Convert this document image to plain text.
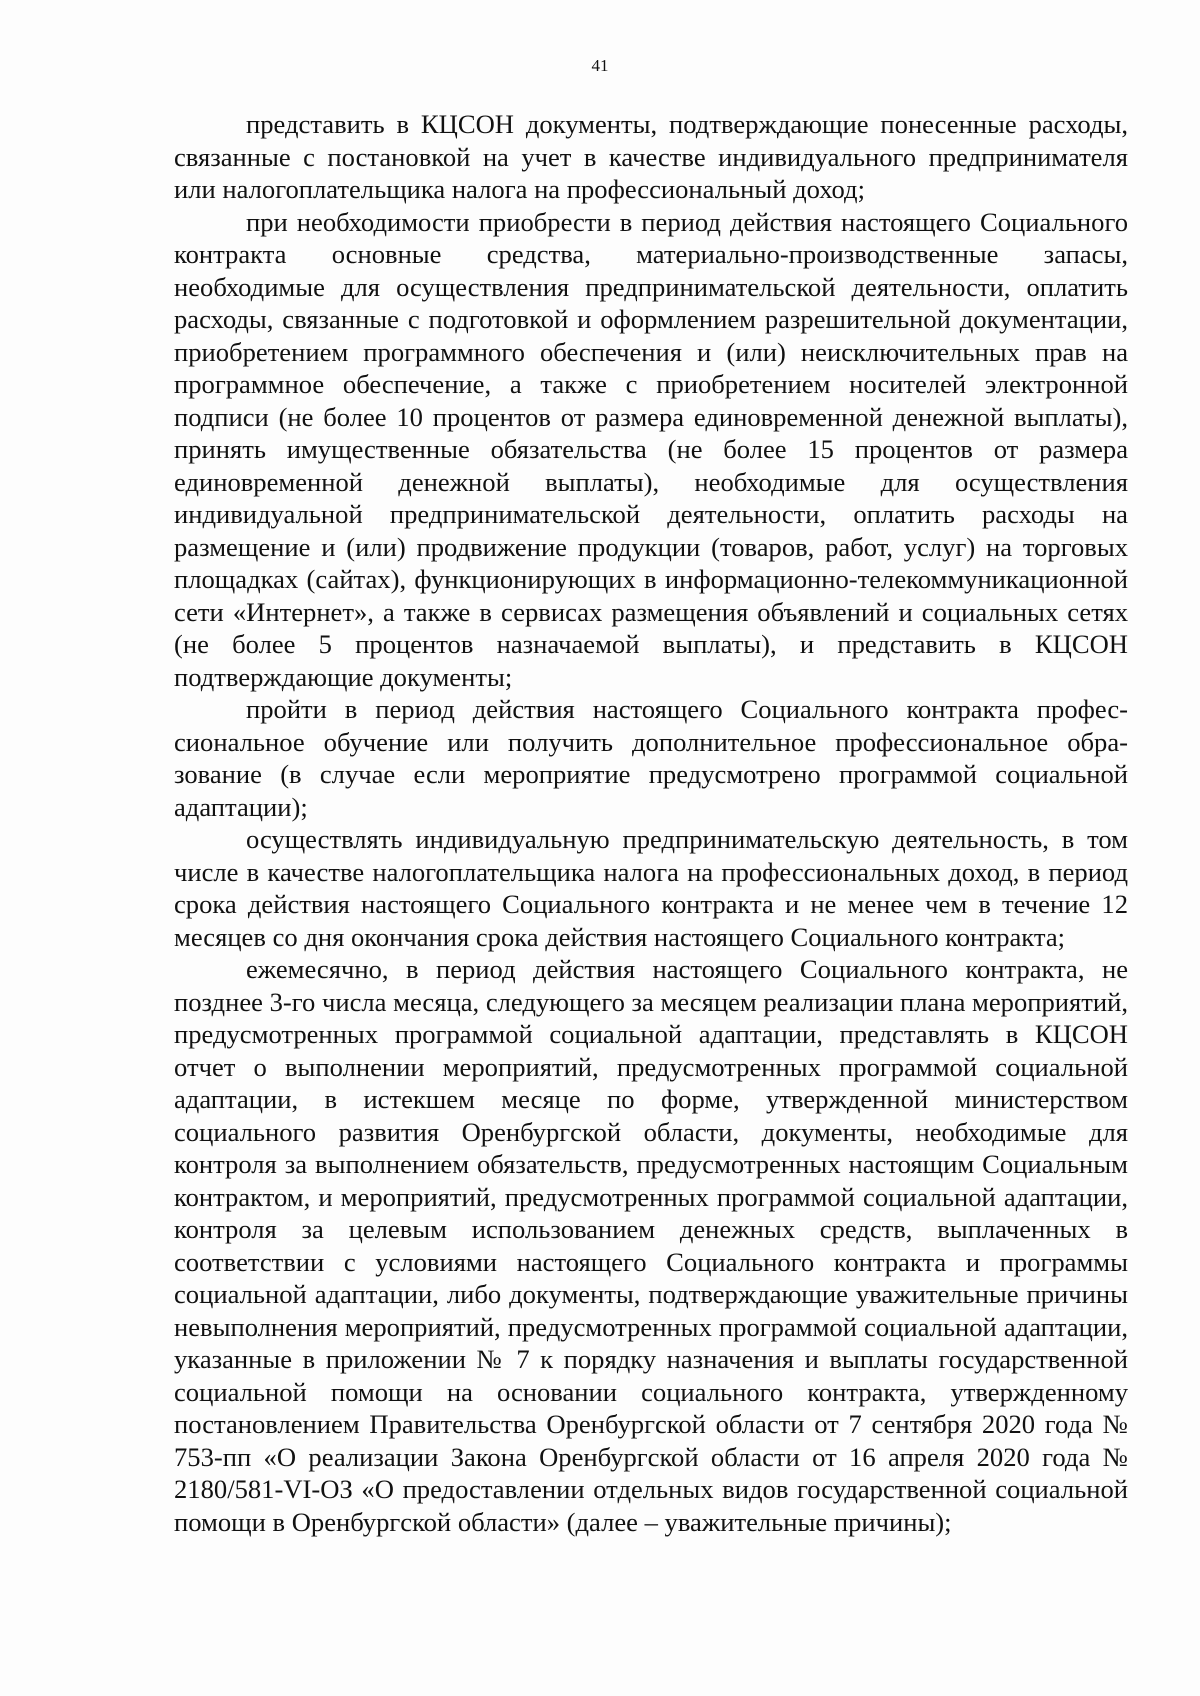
41

представить в КЦСОН документы, подтверждающие понесенные расходы, связанные с постановкой на учет в качестве индивидуального предпринимателя или налогоплательщика налога на профессиональный доход;

при необходимости приобрести в период действия настоящего Социального контракта основные средства, материально-производственные запасы, необходимые для осуществления предпринимательской деятельности, оплатить расходы, связанные с подготовкой и оформлением разрешительной документации, приобретением программного обеспечения и (или) неисключительных прав на программное обеспечение, а также с приобретением носителей электронной подписи (не более 10 процентов от размера единовременной денежной выплаты), принять имущественные обязательства (не более 15 процентов от размера единовременной денежной выплаты), необходимые для осуществления индивидуальной предпринимательской деятельности, оплатить расходы на размещение и (или) продвижение продукции (товаров, работ, услуг) на торговых площадках (сайтах), функционирующих в информационно-телекоммуникационной сети «Интернет», а также в сервисах размещения объявлений и социальных сетях (не более 5 процентов назначаемой выплаты), и представить в КЦСОН подтверждающие документы;

пройти в период действия настоящего Социального контракта профессиональное обучение или получить дополнительное профессиональное образование (в случае если мероприятие предусмотрено программой социальной адаптации);

осуществлять индивидуальную предпринимательскую деятельность, в том числе в качестве налогоплательщика налога на профессиональных доход, в период срока действия настоящего Социального контракта и не менее чем в течение 12 месяцев со дня окончания срока действия настоящего Социального контракта;

ежемесячно, в период действия настоящего Социального контракта, не позднее 3-го числа месяца, следующего за месяцем реализации плана мероприятий, предусмотренных программой социальной адаптации, представлять в КЦСОН отчет о выполнении мероприятий, предусмотренных программой социальной адаптации, в истекшем месяце по форме, утвержденной министерством социального развития Оренбургской области, документы, необходимые для контроля за выполнением обязательств, предусмотренных настоящим Социальным контрактом, и мероприятий, предусмотренных программой социальной адаптации, контроля за целевым использованием денежных средств, выплаченных в соответствии с условиями настоящего Социального контракта и программы социальной адаптации, либо документы, подтверждающие уважительные причины невыполнения мероприятий, предусмотренных программой социальной адаптации, указанные в приложении № 7 к порядку назначения и выплаты государственной социальной помощи на основании социального контракта, утвержденному постановлением Правительства Оренбургской области от 7 сентября 2020 года № 753-пп «О реализации Закона Оренбургской области от 16 апреля 2020 года № 2180/581-VI-ОЗ «О предоставлении отдельных видов государственной социальной помощи в Оренбургской области» (далее – уважительные причины);
